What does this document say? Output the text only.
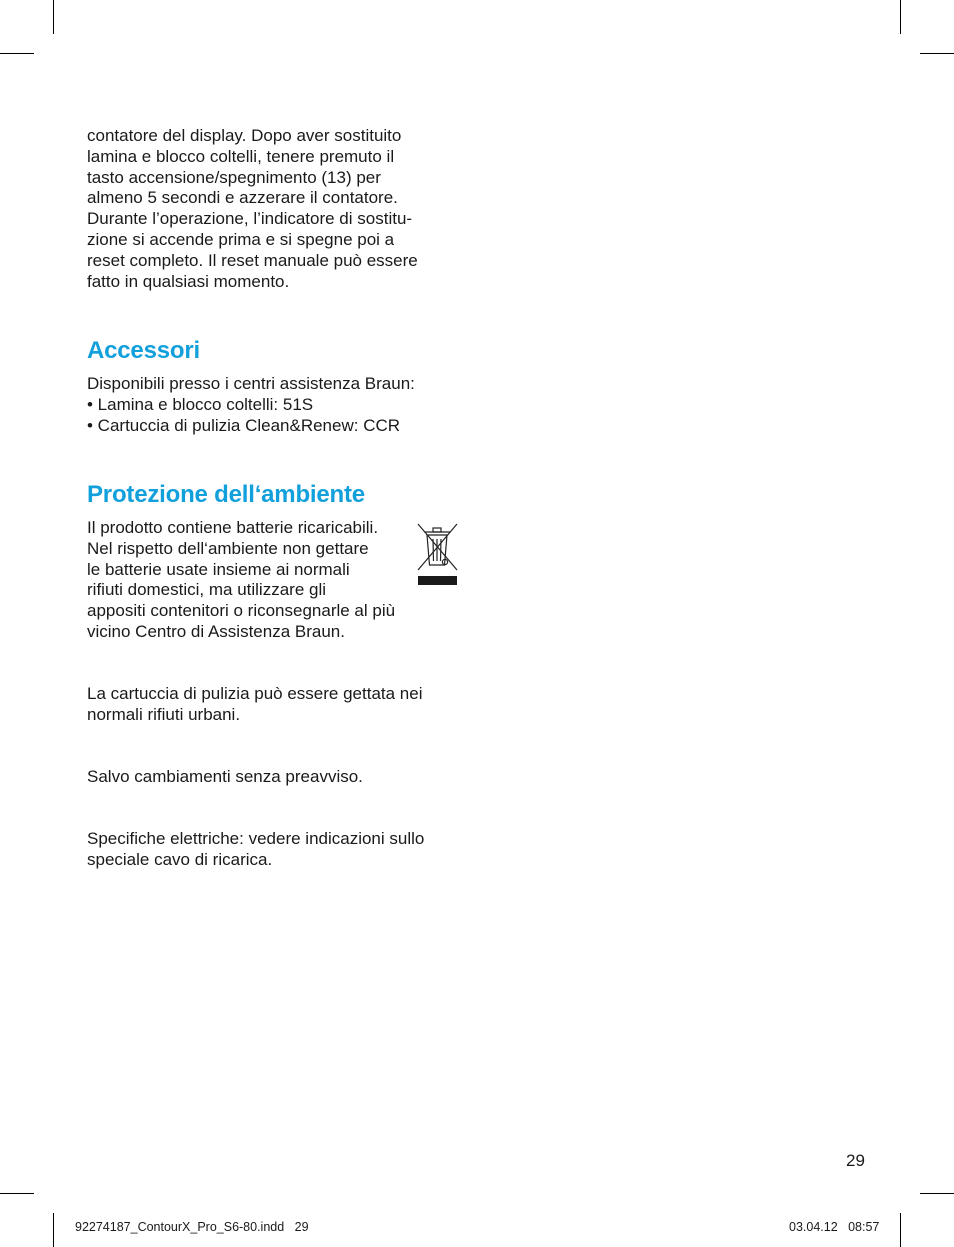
contatore del display. Dopo aver sostituito
lamina e blocco coltelli, tenere premuto il
tasto accensione/spegnimento (13) per
almeno 5 secondi e azzerare il contatore.
Durante l’operazione, l’indicatore di sostitu-
zione si accende prima e si spegne poi a
reset completo. Il reset manuale può essere
fatto in qualsiasi momento.

Accessori

Disponibili presso i centri assistenza Braun:
• Lamina e blocco coltelli: 51S
• Cartuccia di pulizia Clean&Renew: CCR

Protezione dell‘ambiente

Il prodotto contiene batterie ricaricabili.
Nel rispetto dell‘ambiente non gettare
le batterie usate insieme ai normali
rifiuti domestici, ma utilizzare gli
appositi contenitori o riconsegnarle al più
vicino Centro di Assistenza Braun.

La cartuccia di pulizia può essere gettata nei
normali rifiuti urbani.

Salvo cambiamenti senza preavviso.

Specifiche elettriche: vedere indicazioni sullo
speciale cavo di ricarica.

29
92274187_ContourX_Pro_S6-80.indd   29	03.04.12   08:57
